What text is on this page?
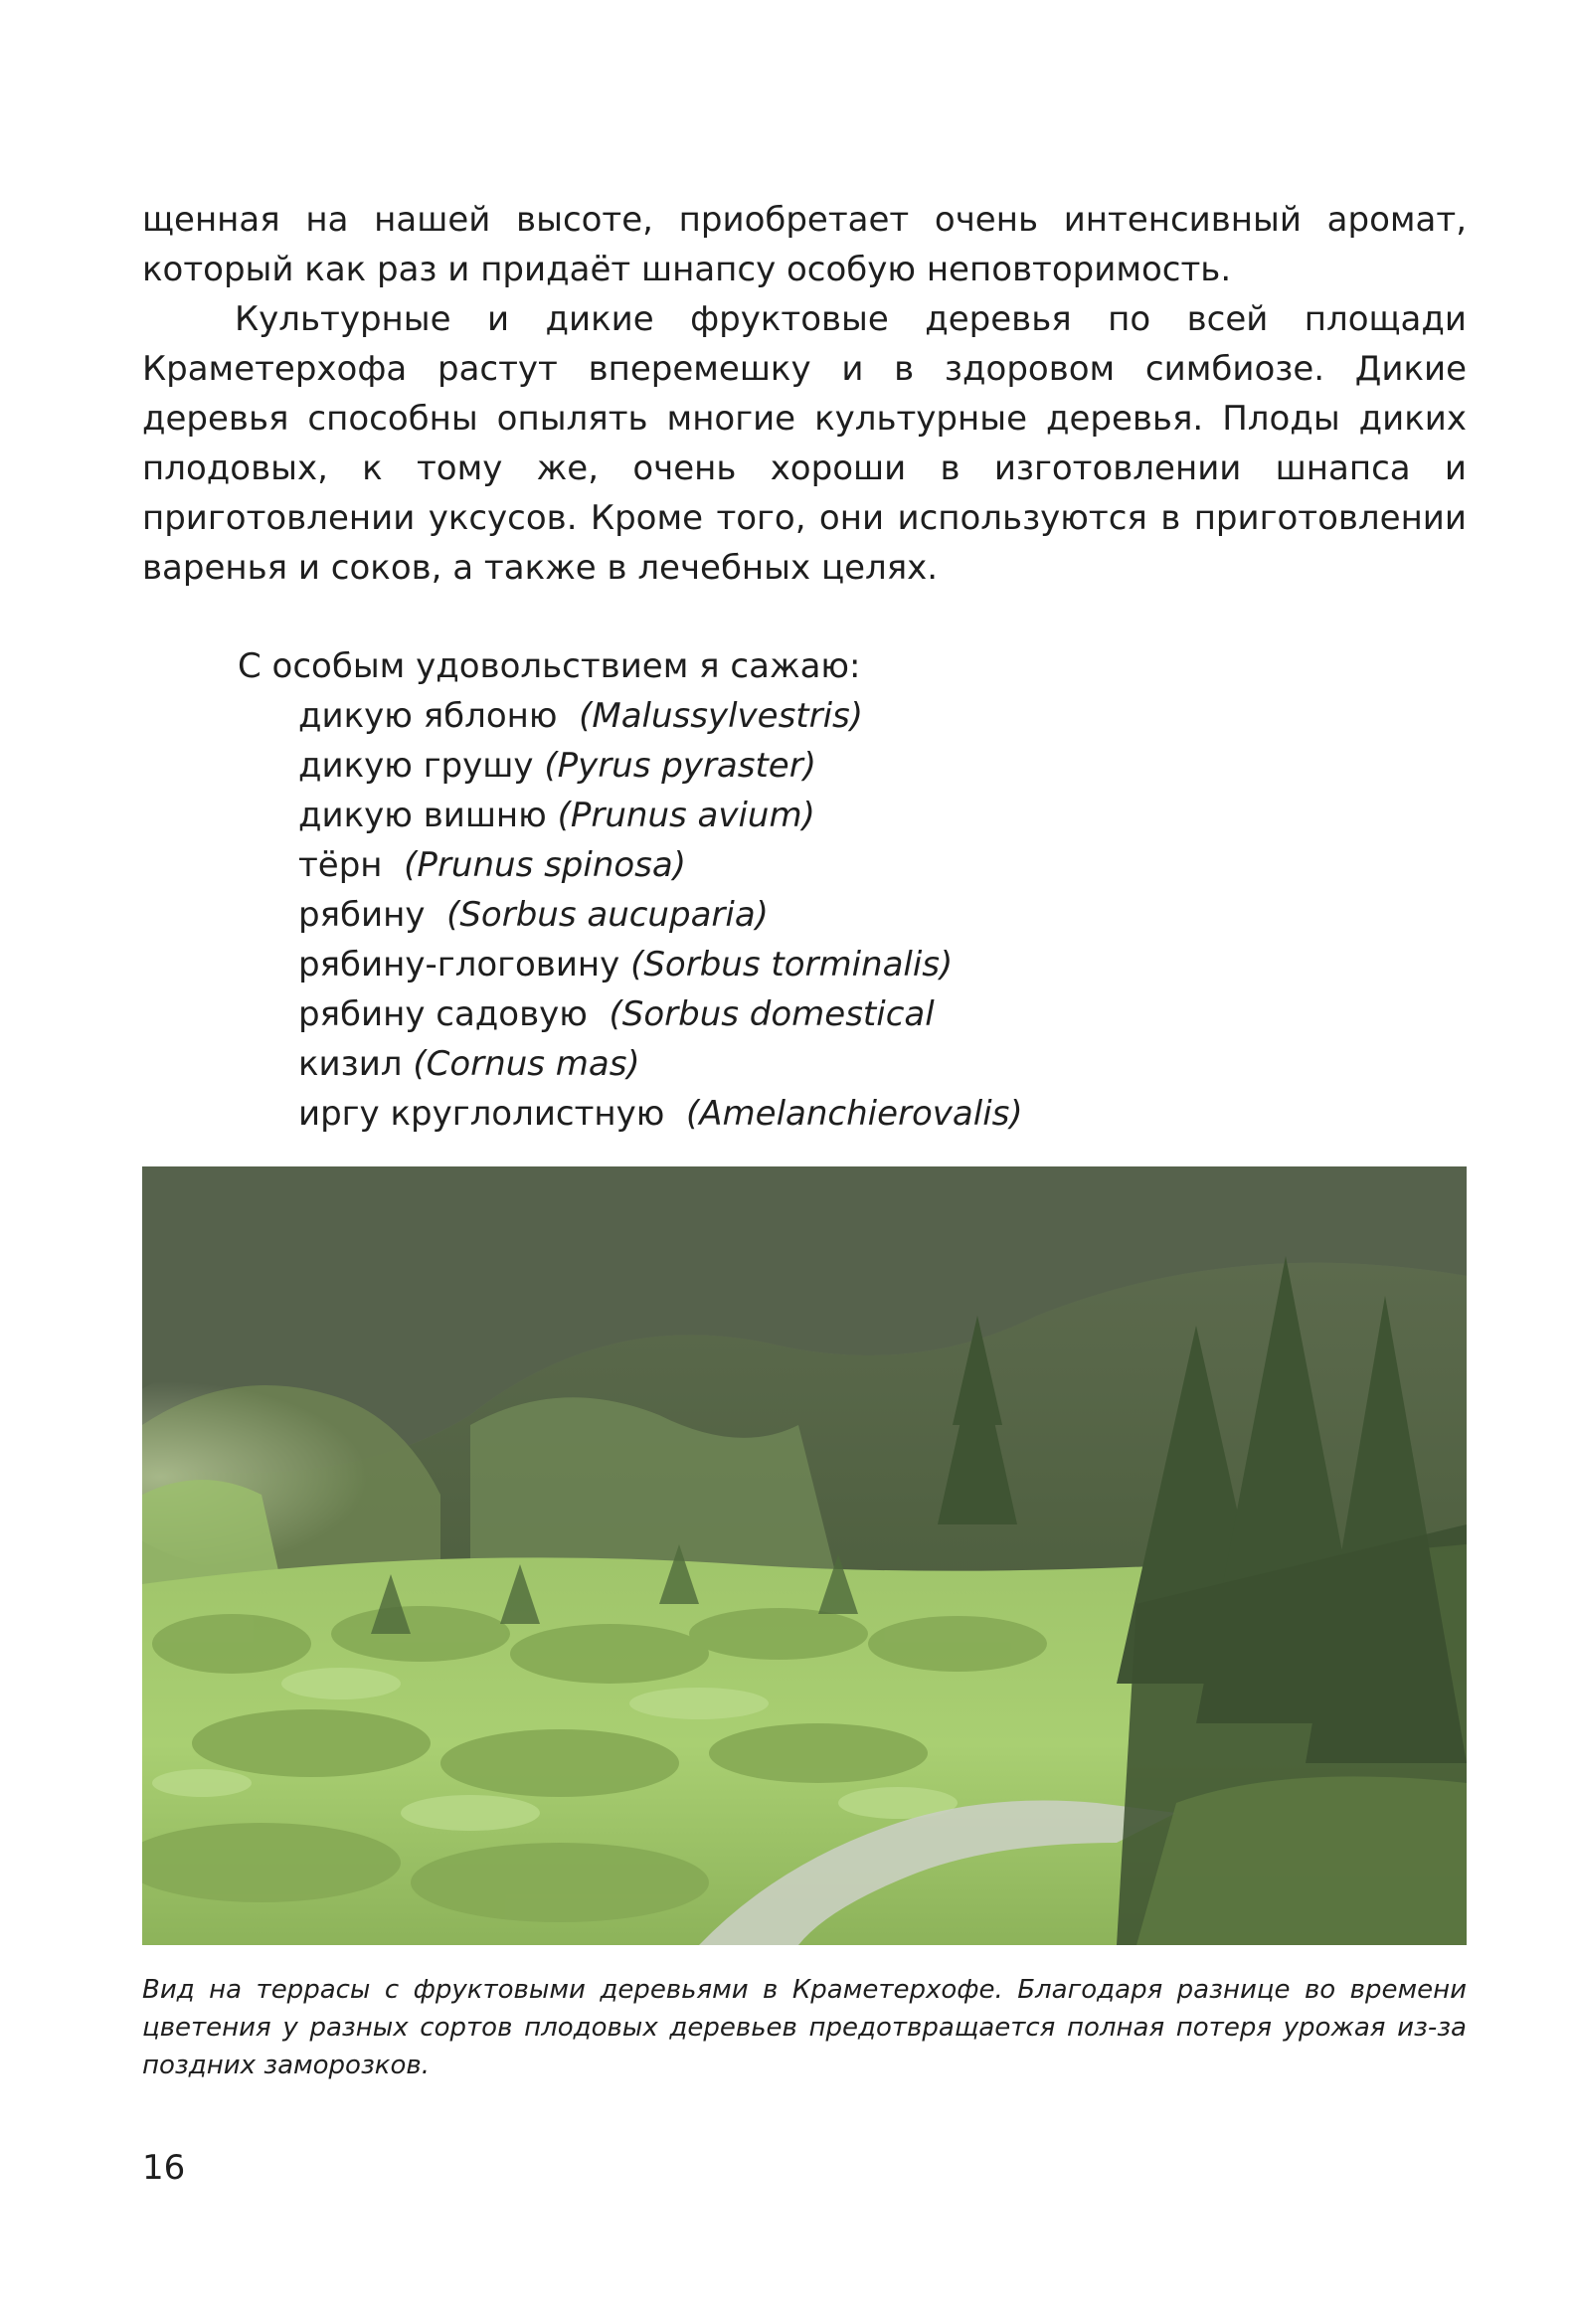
щенная на нашей высоте, приобретает очень интенсивный аромат, который как раз и придаёт шнапсу особую неповторимость.

Культурные и дикие фруктовые деревья по всей площади Краметерхофа растут вперемешку и в здоровом симбиозе. Дикие деревья способны опылять многие культурные деревья. Плоды диких плодовых, к тому же, очень хороши в изготовлении шнапса и приготовлении уксусов. Кроме того, они используются в приготовлении варенья и соков, а также в лечебных целях.

С особым удовольствием я сажаю:

дикую яблоню (Malussylvestris)
дикую грушу (Pyrus pyraster)
дикую вишню (Prunus avium)
тёрн (Prunus spinosa)
рябину (Sorbus aucuparia)
рябину-глоговину (Sorbus torminalis)
рябину садовую (Sorbus domestical
кизил (Cornus mas)
иргу круглолистную (Amelanchierovalis)

Вид на террасы с фруктовыми деревьями в Краметерхофе. Благодаря разнице во времени цветения у разных сортов плодовых деревьев предотвращается полная потеря урожая из-за поздних заморозков.

16
